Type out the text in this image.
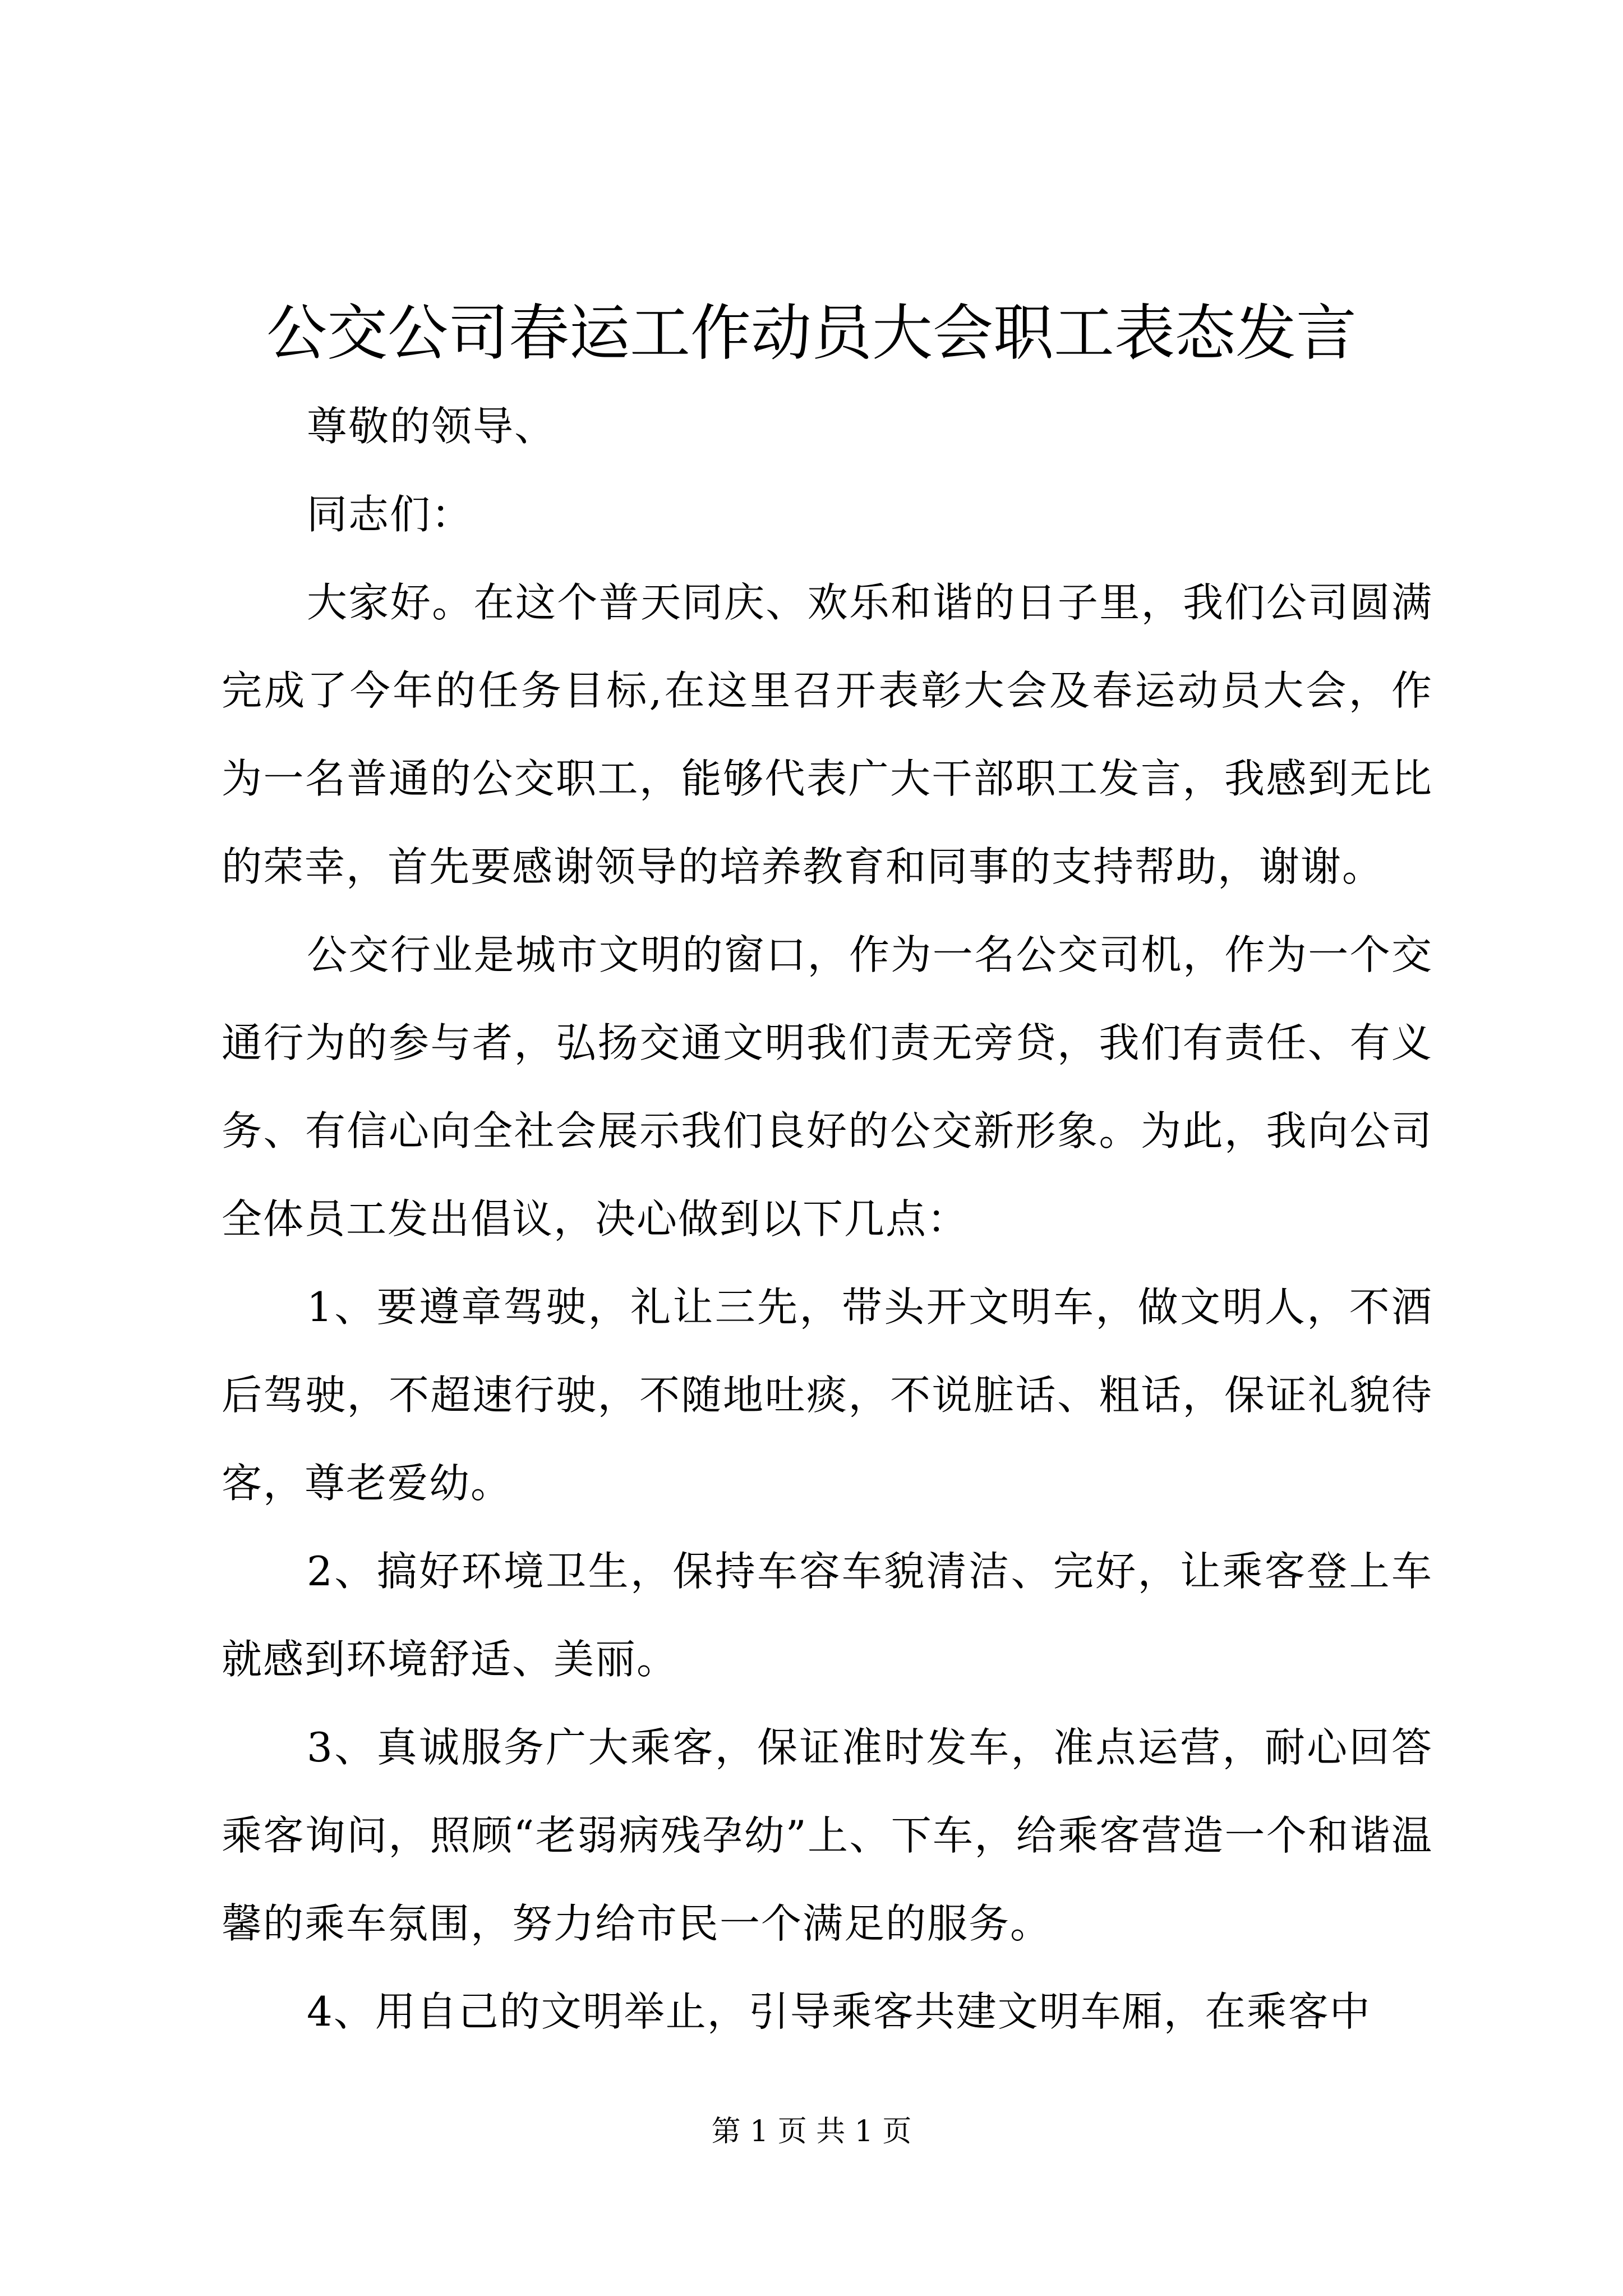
公交公司春运工作动员大会职工表态发言

尊敬的领导、

同志们：

大家好。在这个普天同庆、欢乐和谐的日子里，我们公司圆满完成了今年的任务目标,在这里召开表彰大会及春运动员大会，作为一名普通的公交职工，能够代表广大干部职工发言，我感到无比的荣幸，首先要感谢领导的培养教育和同事的支持帮助，谢谢。

公交行业是城市文明的窗口，作为一名公交司机，作为一个交通行为的参与者，弘扬交通文明我们责无旁贷，我们有责任、有义务、有信心向全社会展示我们良好的公交新形象。为此，我向公司全体员工发出倡议，决心做到以下几点：

1、要遵章驾驶，礼让三先，带头开文明车，做文明人，不酒后驾驶，不超速行驶，不随地吐痰，不说脏话、粗话，保证礼貌待客，尊老爱幼。

2、搞好环境卫生，保持车容车貌清洁、完好，让乘客登上车就感到环境舒适、美丽。

3、真诚服务广大乘客，保证准时发车，准点运营，耐心回答乘客询问，照顾“老弱病残孕幼”上、下车，给乘客营造一个和谐温馨的乘车氛围，努力给市民一个满足的服务。

4、用自己的文明举止，引导乘客共建文明车厢，在乘客中

第 1 页 共 1 页
